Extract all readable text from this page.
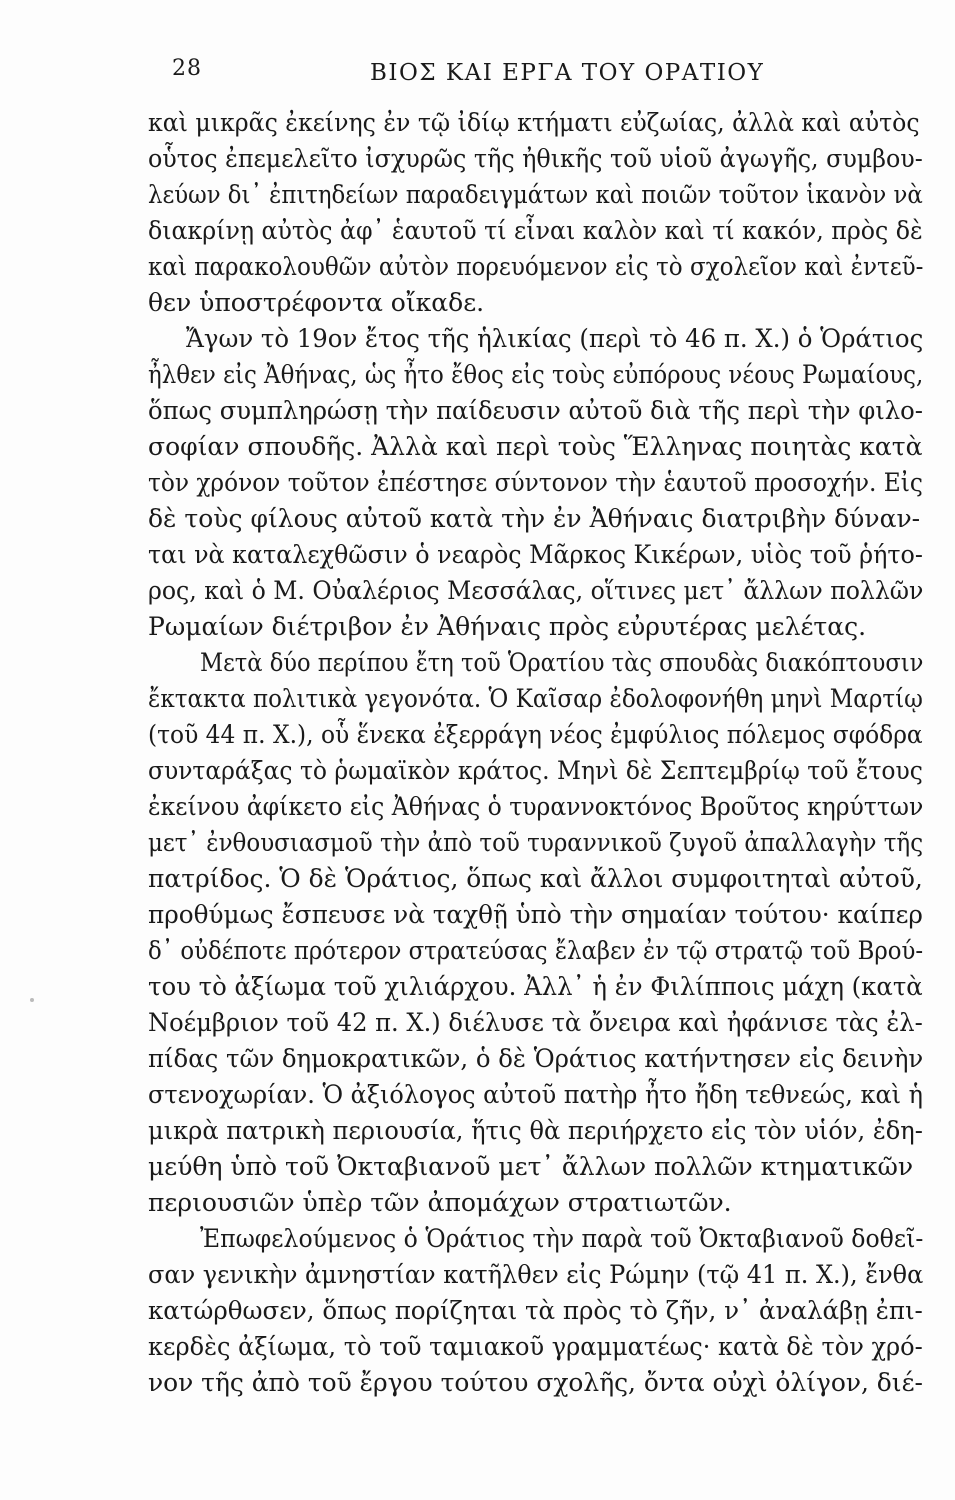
28	ΒΙΟΣ ΚΑΙ ΕΡΓΑ ΤΟΥ ΟΡΑΤΙΟΥ
καὶ μικρᾶς ἐκείνης ἐν τῷ ἰδίῳ κτήματι εὐζωίας, ἀλλὰ καὶ αὐτὸς
οὗτος ἐπεμελεῖτο ἰσχυρῶς τῆς ἠθικῆς τοῦ υἱοῦ ἀγωγῆς, συμβου-
λεύων δι᾿ ἐπιτηδείων παραδειγμάτων καὶ ποιῶν τοῦτον ἱκανὸν νὰ
διακρίνῃ αὐτὸς ἀφ᾿ ἑαυτοῦ τί εἶναι καλὸν καὶ τί κακόν, πρὸς δὲ
καὶ παρακολουθῶν αὐτὸν πορευόμενον εἰς τὸ σχολεῖον καὶ ἐντεῦ-
θεν ὑποστρέφοντα οἴκαδε.
Ἄγων τὸ 19ον ἔτος τῆς ἡλικίας (περὶ τὸ 46 π. Χ.) ὁ Ὁράτιος
ἦλθεν εἰς Ἀθήνας, ὡς ἦτο ἔθος εἰς τοὺς εὐπόρους νέους Ρωμαίους,
ὅπως συμπληρώσῃ τὴν παίδευσιν αὐτοῦ διὰ τῆς περὶ τὴν φιλο-
σοφίαν σπουδῆς. Ἀλλὰ καὶ περὶ τοὺς Ἕλληνας ποιητὰς κατὰ
τὸν χρόνον τοῦτον ἐπέστησε σύντονον τὴν ἑαυτοῦ προσοχήν. Εἰς
δὲ τοὺς φίλους αὐτοῦ κατὰ τὴν ἐν Ἀθήναις διατριβὴν δύναν-
ται νὰ καταλεχθῶσιν ὁ νεαρὸς Μᾶρκος Κικέρων, υἱὸς τοῦ ῥήτο-
ρος, καὶ ὁ Μ. Οὐαλέριος Μεσσάλας, οἵτινες μετ᾿ ἄλλων πολλῶν
Ρωμαίων διέτριβον ἐν Ἀθήναις πρὸς εὐρυτέρας μελέτας.
Μετὰ δύο περίπου ἔτη τοῦ Ὁρατίου τὰς σπουδὰς διακόπτουσιν
ἔκτακτα πολιτικὰ γεγονότα. Ὁ Καῖσαρ ἐδολοφονήθη μηνὶ Μαρτίῳ
(τοῦ 44 π. Χ.), οὗ ἕνεκα ἐξερράγη νέος ἐμφύλιος πόλεμος σφόδρα
συνταράξας τὸ ῥωμαϊκὸν κράτος. Μηνὶ δὲ Σεπτεμβρίῳ τοῦ ἔτους
ἐκείνου ἀφίκετο εἰς Ἀθήνας ὁ τυραννοκτόνος Βροῦτος κηρύττων
μετ᾿ ἐνθουσιασμοῦ τὴν ἀπὸ τοῦ τυραννικοῦ ζυγοῦ ἀπαλλαγὴν τῆς
πατρίδος. Ὁ δὲ Ὁράτιος, ὅπως καὶ ἄλλοι συμφοιτηταὶ αὐτοῦ,
προθύμως ἔσπευσε νὰ ταχθῇ ὑπὸ τὴν σημαίαν τούτου· καίπερ
δ᾿ οὐδέποτε πρότερον στρατεύσας ἔλαβεν ἐν τῷ στρατῷ τοῦ Βρού-
του τὸ ἀξίωμα τοῦ χιλιάρχου. Ἀλλ᾿ ἡ ἐν Φιλίπποις μάχη (κατὰ
Νοέμβριον τοῦ 42 π. Χ.) διέλυσε τὰ ὄνειρα καὶ ἠφάνισε τὰς ἐλ-
πίδας τῶν δημοκρατικῶν, ὁ δὲ Ὁράτιος κατήντησεν εἰς δεινὴν
στενοχωρίαν. Ὁ ἀξιόλογος αὐτοῦ πατὴρ ἦτο ἤδη τεθνεώς, καὶ ἡ
μικρὰ πατρικὴ περιουσία, ἥτις θὰ περιήρχετο εἰς τὸν υἱόν, ἐδη-
μεύθη ὑπὸ τοῦ Ὀκταβιανοῦ μετ᾿ ἄλλων πολλῶν κτηματικῶν
περιουσιῶν ὑπὲρ τῶν ἀπομάχων στρατιωτῶν.
Ἐπωφελούμενος ὁ Ὁράτιος τὴν παρὰ τοῦ Ὀκταβιανοῦ δοθεῖ-
σαν γενικὴν ἀμνηστίαν κατῆλθεν εἰς Ρώμην (τῷ 41 π. Χ.), ἔνθα
κατώρθωσεν, ὅπως πορίζηται τὰ πρὸς τὸ ζῆν, ν᾿ ἀναλάβῃ ἐπι-
κερδὲς ἀξίωμα, τὸ τοῦ ταμιακοῦ γραμματέως· κατὰ δὲ τὸν χρό-
νον τῆς ἀπὸ τοῦ ἔργου τούτου σχολῆς, ὄντα οὐχὶ ὀλίγον, διέ-
